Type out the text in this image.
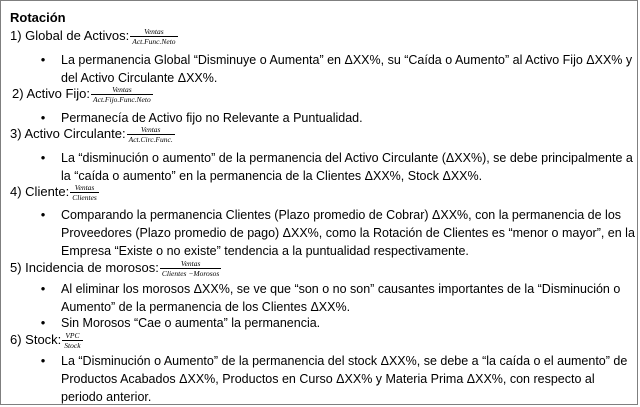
Rotación
1) Global de Activos: $\frac{\text{Ventas}}{\text{Act.Func.Neto}}$
• La permanencia Global “Disminuye o Aumenta” en ΔXX%, su “Caída o Aumento” al Activo Fijo ΔXX% y del Activo Circulante ΔXX%.
2) Activo Fijo: $\frac{\text{Ventas}}{\text{Act.Fijo.Func.Neto}}$
• Permanecía de Activo fijo no Relevante a Puntualidad.
3) Activo Circulante: $\frac{\text{Ventas}}{\text{Act.Circ.Func.}}$
• La “disminución o aumento” de la permanencia del Activo Circulante (ΔXX%), se debe principalmente a la “caída o aumento” en la permanencia de la Clientes ΔXX%, Stock ΔXX%.
4) Cliente: $\frac{\text{Ventas}}{\text{Clientes}}$
• Comparando la permanencia Clientes (Plazo promedio de Cobrar) ΔXX%, con la permanencia de los Proveedores (Plazo promedio de pago) ΔXX%, como la Rotación de Clientes es “menor o mayor”, en la Empresa “Existe o no existe” tendencia a la puntualidad respectivamente.
5) Incidencia de morosos: $\frac{\text{Ventas}}{\text{Clientes −Morosos}}$
• Al eliminar los morosos ΔXX%, se ve que “son o no son” causantes importantes de la “Disminución o Aumento” de la permanencia de los Clientes ΔXX%.
• Sin Morosos “Cae o aumenta” la permanencia.
6) Stock: $\frac{\text{VPC}}{\text{Stock}}$
• La “Disminución o Aumento” de la permanencia del stock ΔXX%, se debe a “la caída o el aumento” de Productos Acabados ΔXX%, Productos en Curso ΔXX% y Materia Prima ΔXX%, con respecto al periodo anterior.
